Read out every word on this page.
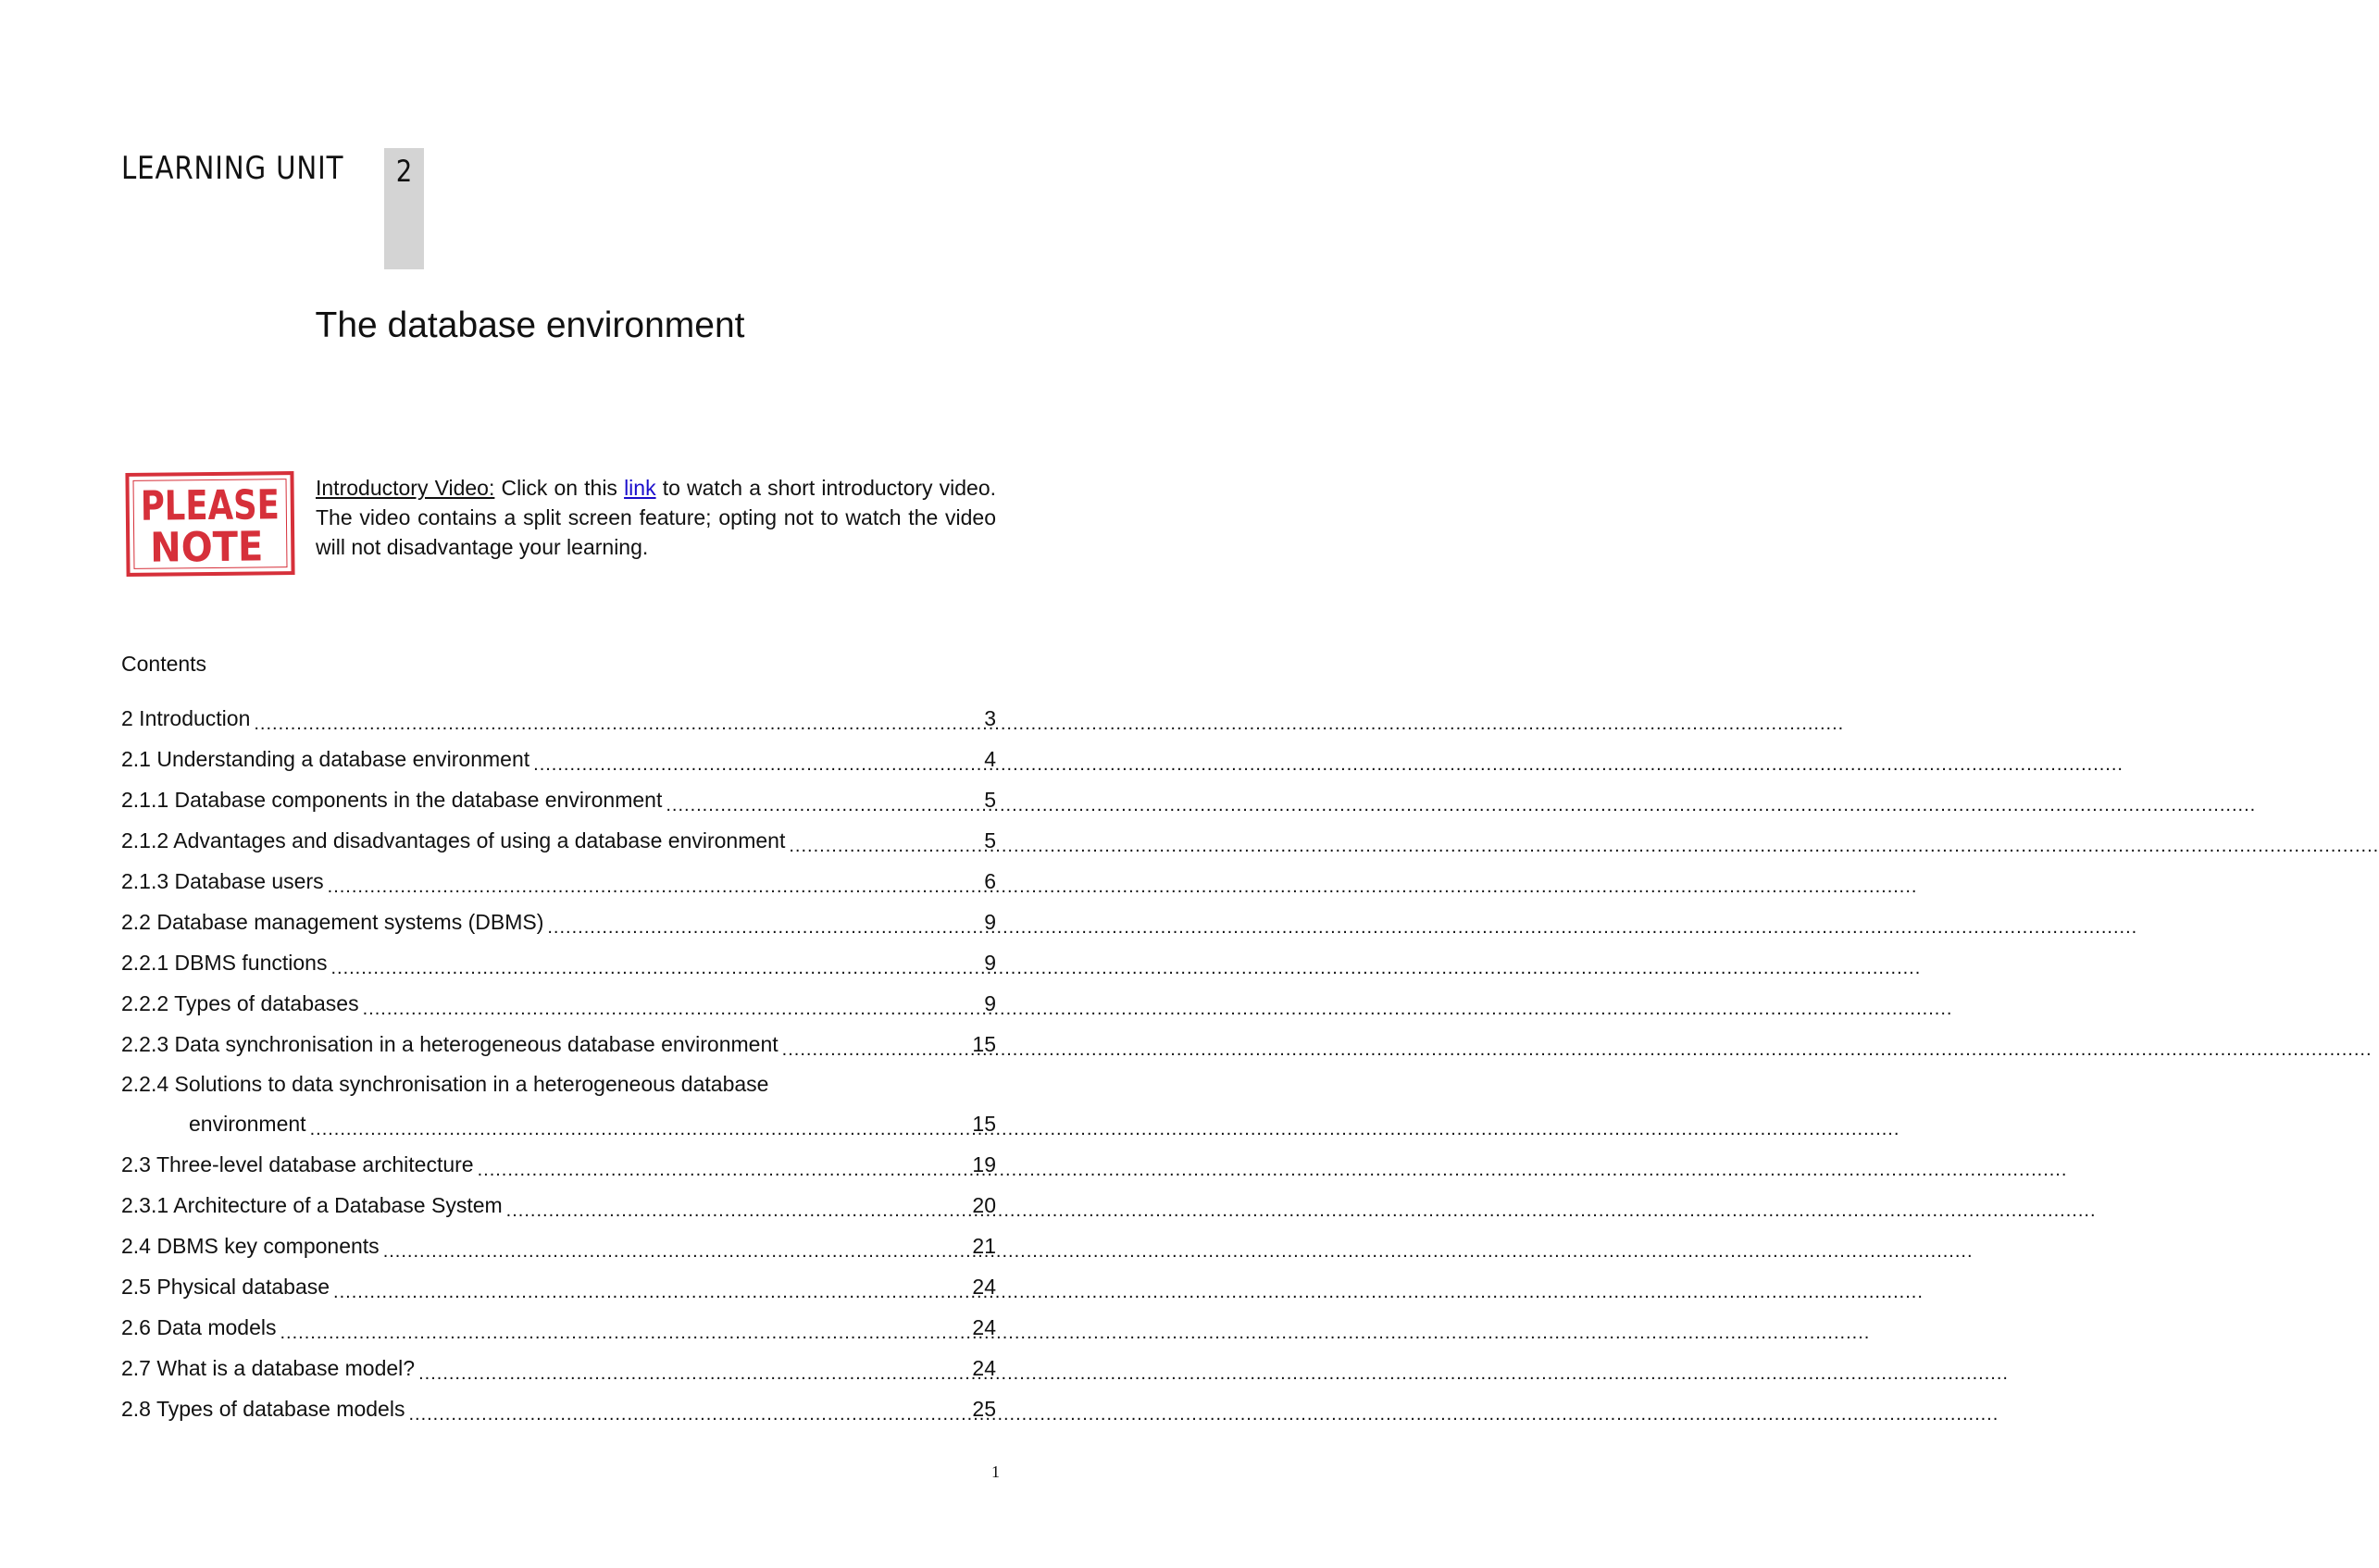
LEARNING UNIT	2
The database environment
PLEASE
NOTE
Introductory Video: Click on this link to watch a short introductory video. The video contains a split screen feature; opting not to watch the video will not disadvantage your learning.
Contents
2 Introduction .....	3
2.1 Understanding a database environment .....	4
2.1.1 Database components in the database environment .....	5
2.1.2 Advantages and disadvantages of using a database environment .....	5
2.1.3 Database users .....	6
2.2 Database management systems (DBMS) .....	9
2.2.1 DBMS functions .....	9
2.2.2 Types of databases .....	9
2.2.3 Data synchronisation in a heterogeneous database environment .....	15
2.2.4 Solutions to data synchronisation in a heterogeneous database
environment .....	15
2.3 Three-level database architecture .....	19
2.3.1 Architecture of a Database System .....	20
2.4 DBMS key components .....	21
2.5 Physical database .....	24
2.6 Data models .....	24
2.7 What is a database model? .....	24
2.8 Types of database models .....	25
1
